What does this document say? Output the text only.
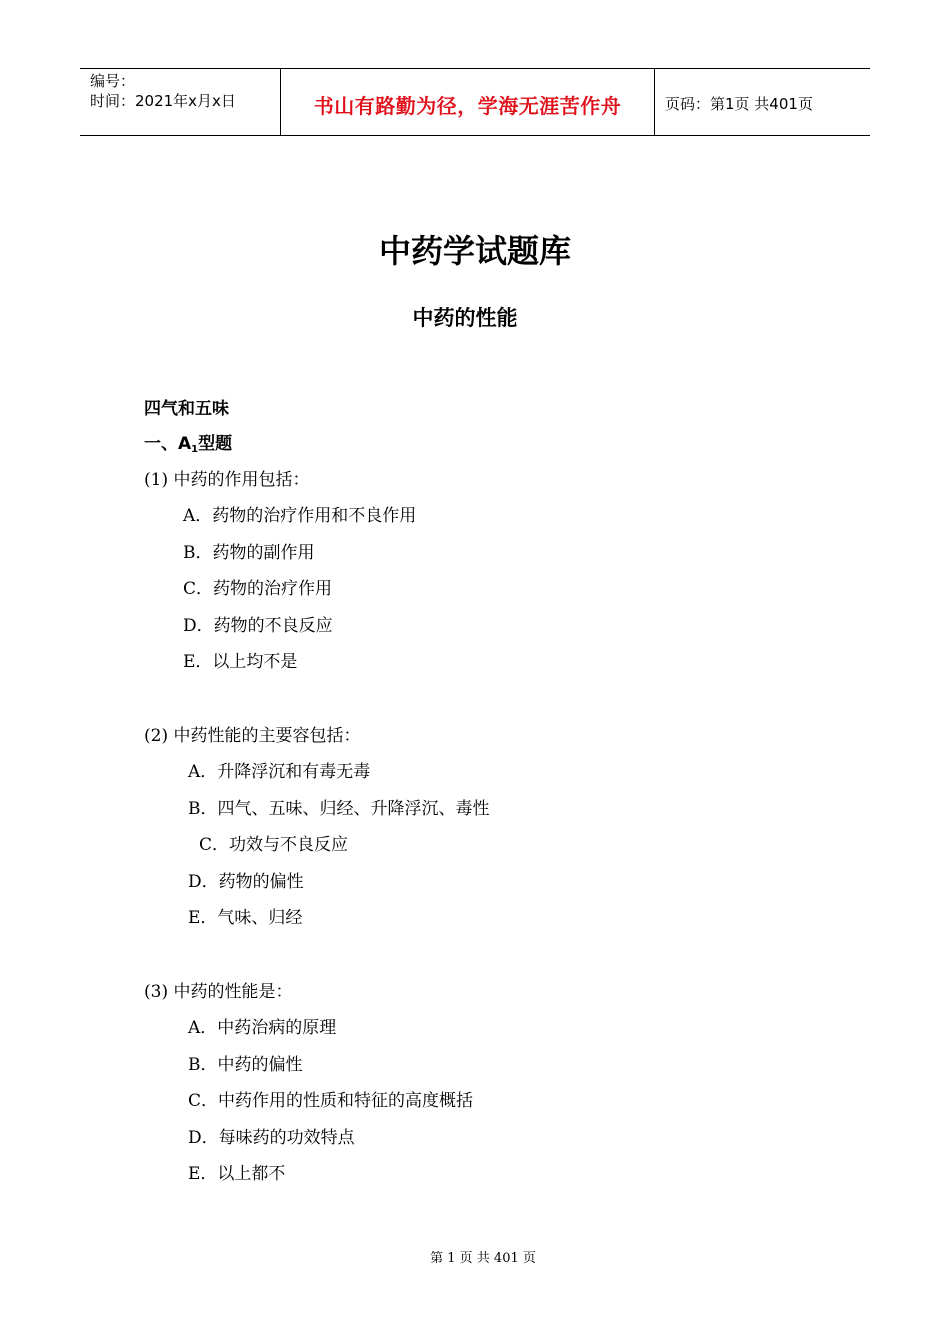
编号：
时间：2021年x月x日	书山有路勤为径，学海无涯苦作舟	页码：第1页 共401页
中药学试题库
中药的性能
四气和五味
一、$A_1$型题
(1) 中药的作用包括：
A．药物的治疗作用和不良作用
B．药物的副作用
C．药物的治疗作用
D．药物的不良反应
E．以上均不是
(2) 中药性能的主要容包括：
A．升降浮沉和有毒无毒
B．四气、五味、归经、升降浮沉、毒性
C．功效与不良反应
D．药物的偏性
E．气味、归经
(3) 中药的性能是：
A．中药治病的原理
B．中药的偏性
C．中药作用的性质和特征的高度概括
D．每味药的功效特点
E．以上都不
第 1 页 共 401 页
